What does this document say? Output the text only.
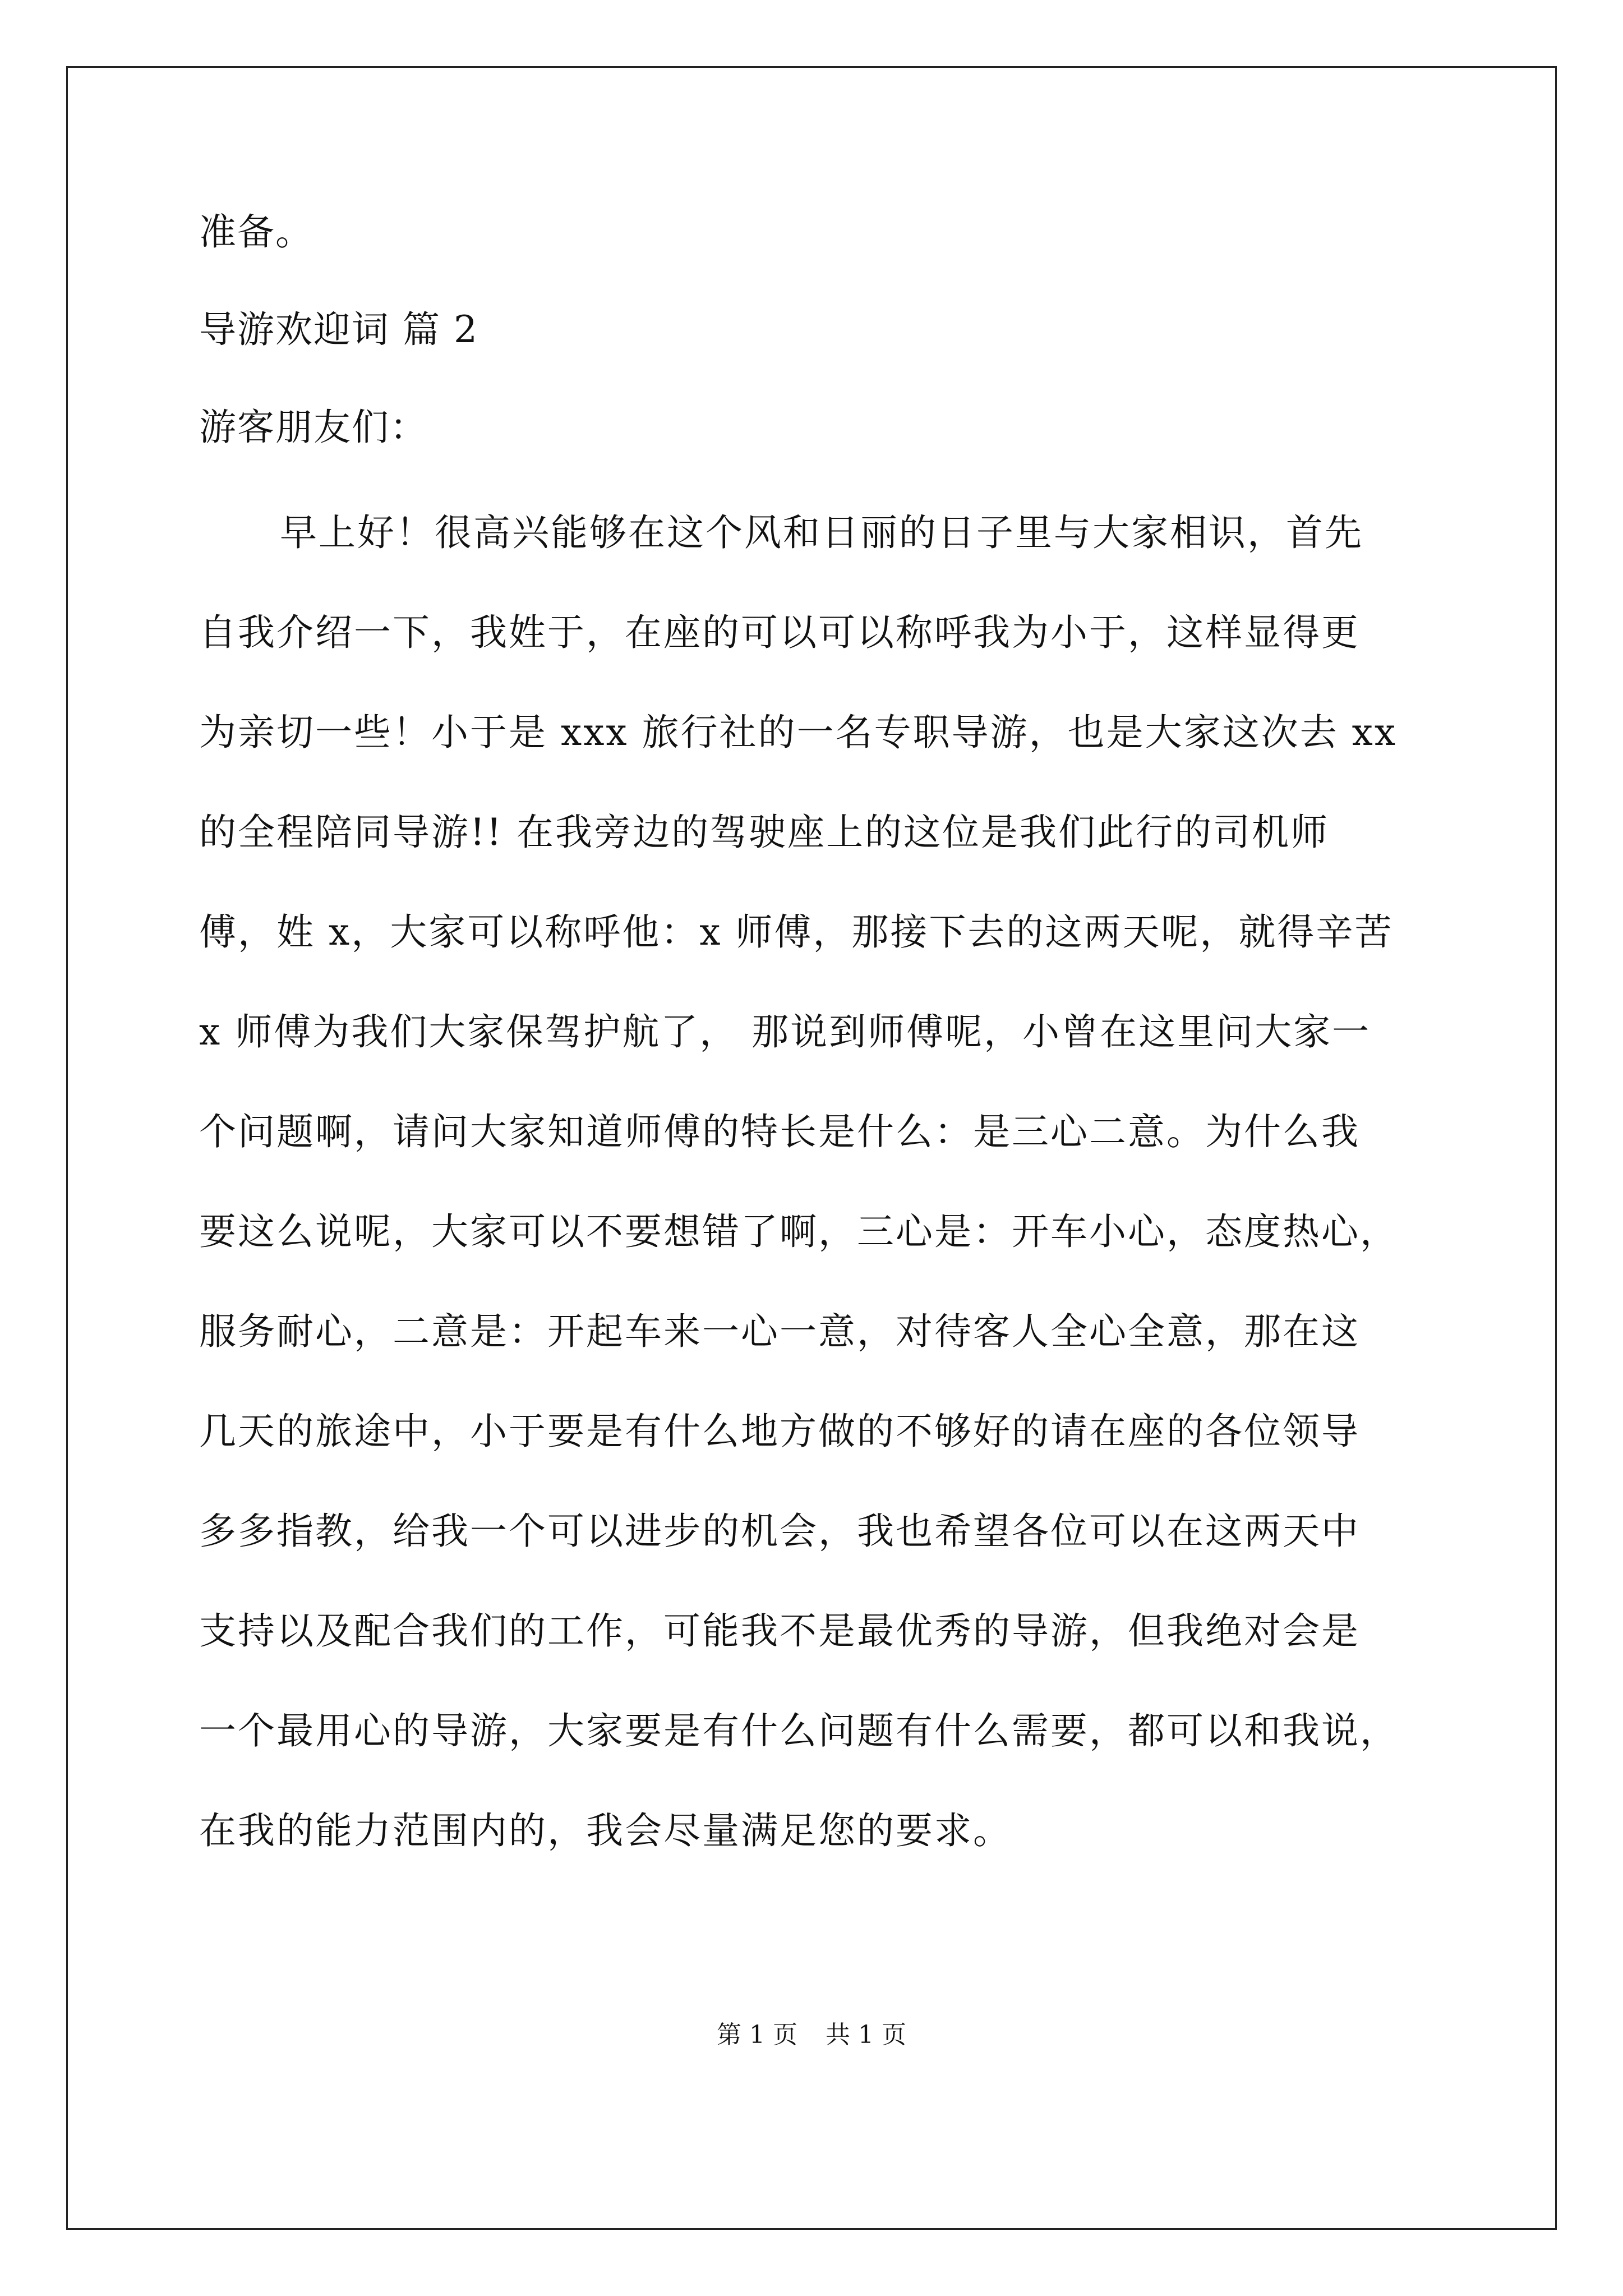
准备。
导游欢迎词 篇 2
游客朋友们：
早上好！很高兴能够在这个风和日丽的日子里与大家相识，首先
自我介绍一下，我姓于，在座的可以可以称呼我为小于，这样显得更
为亲切一些！小于是 xxx 旅行社的一名专职导游，也是大家这次去 xx
的全程陪同导游!! 在我旁边的驾驶座上的这位是我们此行的司机师
傅，姓 x，大家可以称呼他：x 师傅，那接下去的这两天呢，就得辛苦
x 师傅为我们大家保驾护航了， 那说到师傅呢，小曾在这里问大家一
个问题啊，请问大家知道师傅的特长是什么：是三心二意。为什么我
要这么说呢，大家可以不要想错了啊，三心是：开车小心，态度热心，
服务耐心，二意是：开起车来一心一意，对待客人全心全意，那在这
几天的旅途中，小于要是有什么地方做的不够好的请在座的各位领导
多多指教，给我一个可以进步的机会，我也希望各位可以在这两天中
支持以及配合我们的工作，可能我不是最优秀的导游，但我绝对会是
一个最用心的导游，大家要是有什么问题有什么需要，都可以和我说，
在我的能力范围内的，我会尽量满足您的要求。
第 1 页 共 1 页
